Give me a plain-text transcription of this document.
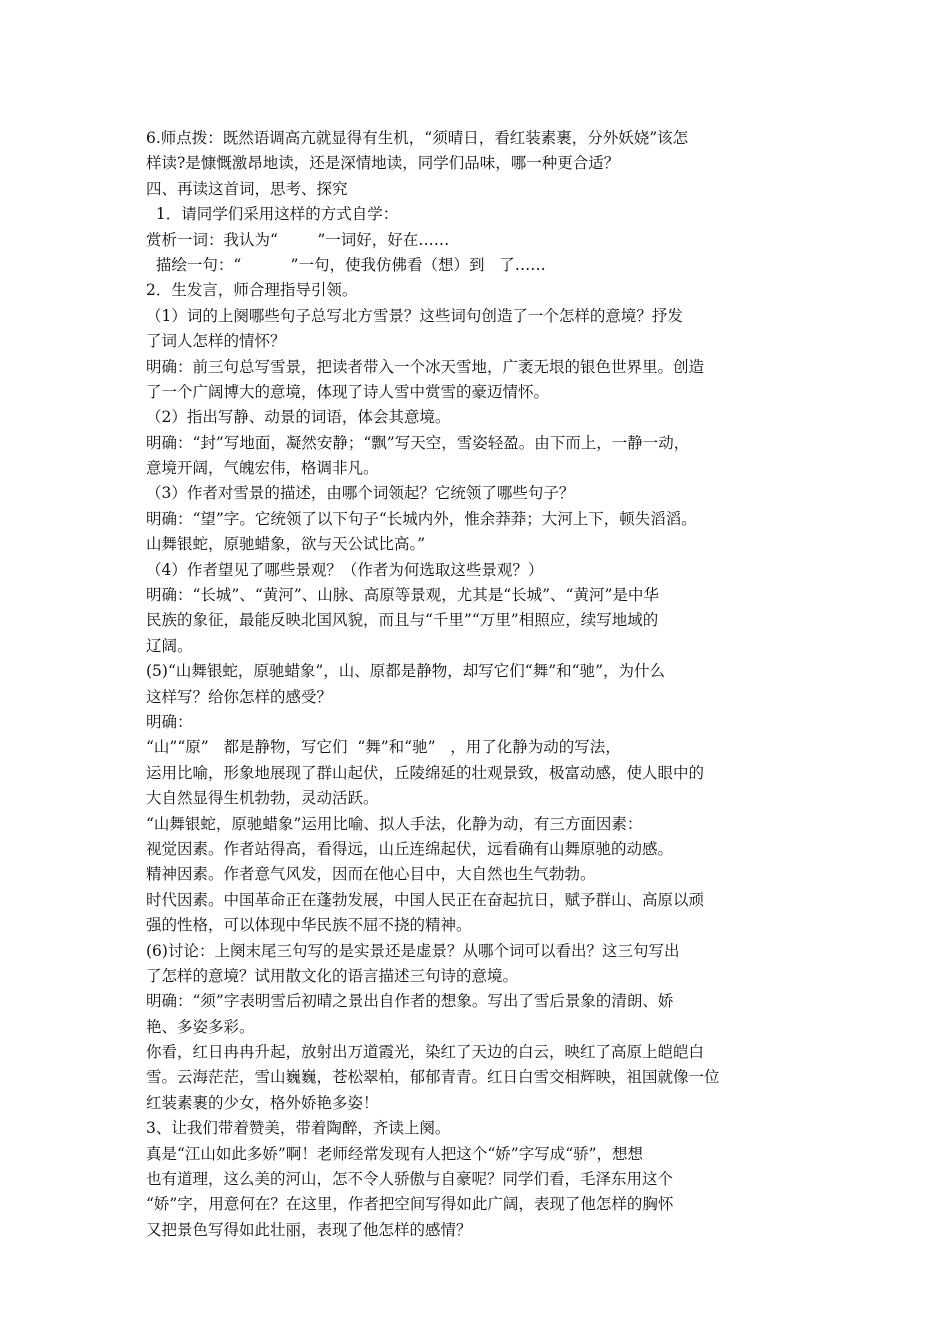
6.师点拨：既然语调高亢就显得有生机，“须晴日，看红装素裹，分外妖娆”该怎
样读?是慷慨激昂地读，还是深情地读，同学们品味，哪一种更合适？
四、再读这首词，思考、探究
1．请同学们采用这样的方式自学：
赏析一词：我认为“        ”一词好，好在……
描绘一句：“          ”一句，使我仿佛看（想）到   了……
2．生发言，师合理指导引领。
（1）词的上阕哪些句子总写北方雪景？这些词句创造了一个怎样的意境？抒发
了词人怎样的情怀？
明确：前三句总写雪景，把读者带入一个冰天雪地，广袤无垠的银色世界里。创造
了一个广阔博大的意境，体现了诗人雪中赏雪的豪迈情怀。
（2）指出写静、动景的词语，体会其意境。
明确：“封”写地面，凝然安静；“飘”写天空，雪姿轻盈。由下而上，一静一动，
意境开阔，气魄宏伟，格调非凡。
（3）作者对雪景的描述，由哪个词领起？它统领了哪些句子？
明确：“望”字。它统领了以下句子“长城内外，惟余莽莽；大河上下，顿失滔滔。
山舞银蛇，原驰蜡象，欲与天公试比高。”
（4）作者望见了哪些景观？（作者为何选取这些景观？）
明确：“长城”、“黄河”、山脉、高原等景观，尤其是“长城”、“黄河”是中华
民族的象征，最能反映北国风貌，而且与“千里”“万里”相照应，续写地域的
辽阔。
(5)“山舞银蛇，原驰蜡象”，山、原都是静物，却写它们“舞”和“驰”，为什么
这样写？给你怎样的感受？
明确：
“山”“原”   都是静物，写它们  “舞”和“驰”   ，用了化静为动的写法，
运用比喻，形象地展现了群山起伏，丘陵绵延的壮观景致，极富动感，使人眼中的
大自然显得生机勃勃，灵动活跃。
“山舞银蛇，原驰蜡象”运用比喻、拟人手法，化静为动，有三方面因素：
视觉因素。作者站得高，看得远，山丘连绵起伏，远看确有山舞原驰的动感。
精神因素。作者意气风发，因而在他心目中，大自然也生气勃勃。
时代因素。中国革命正在蓬勃发展，中国人民正在奋起抗日，赋予群山、高原以顽
强的性格，可以体现中华民族不屈不挠的精神。
(6)讨论：上阕末尾三句写的是实景还是虚景？从哪个词可以看出？这三句写出
了怎样的意境？试用散文化的语言描述三句诗的意境。
明确：“须”字表明雪后初晴之景出自作者的想象。写出了雪后景象的清朗、娇
艳、多姿多彩。
你看，红日冉冉升起，放射出万道霞光，染红了天边的白云，映红了高原上皑皑白
雪。云海茫茫，雪山巍巍，苍松翠柏，郁郁青青。红日白雪交相辉映，祖国就像一位
红装素裹的少女，格外娇艳多姿！
3、让我们带着赞美，带着陶醉，齐读上阕。
真是“江山如此多娇”啊！老师经常发现有人把这个“娇”字写成“骄”，想想
也有道理，这么美的河山，怎不令人骄傲与自豪呢？同学们看，毛泽东用这个
“娇”字，用意何在？在这里，作者把空间写得如此广阔，表现了他怎样的胸怀
又把景色写得如此壮丽，表现了他怎样的感情？
